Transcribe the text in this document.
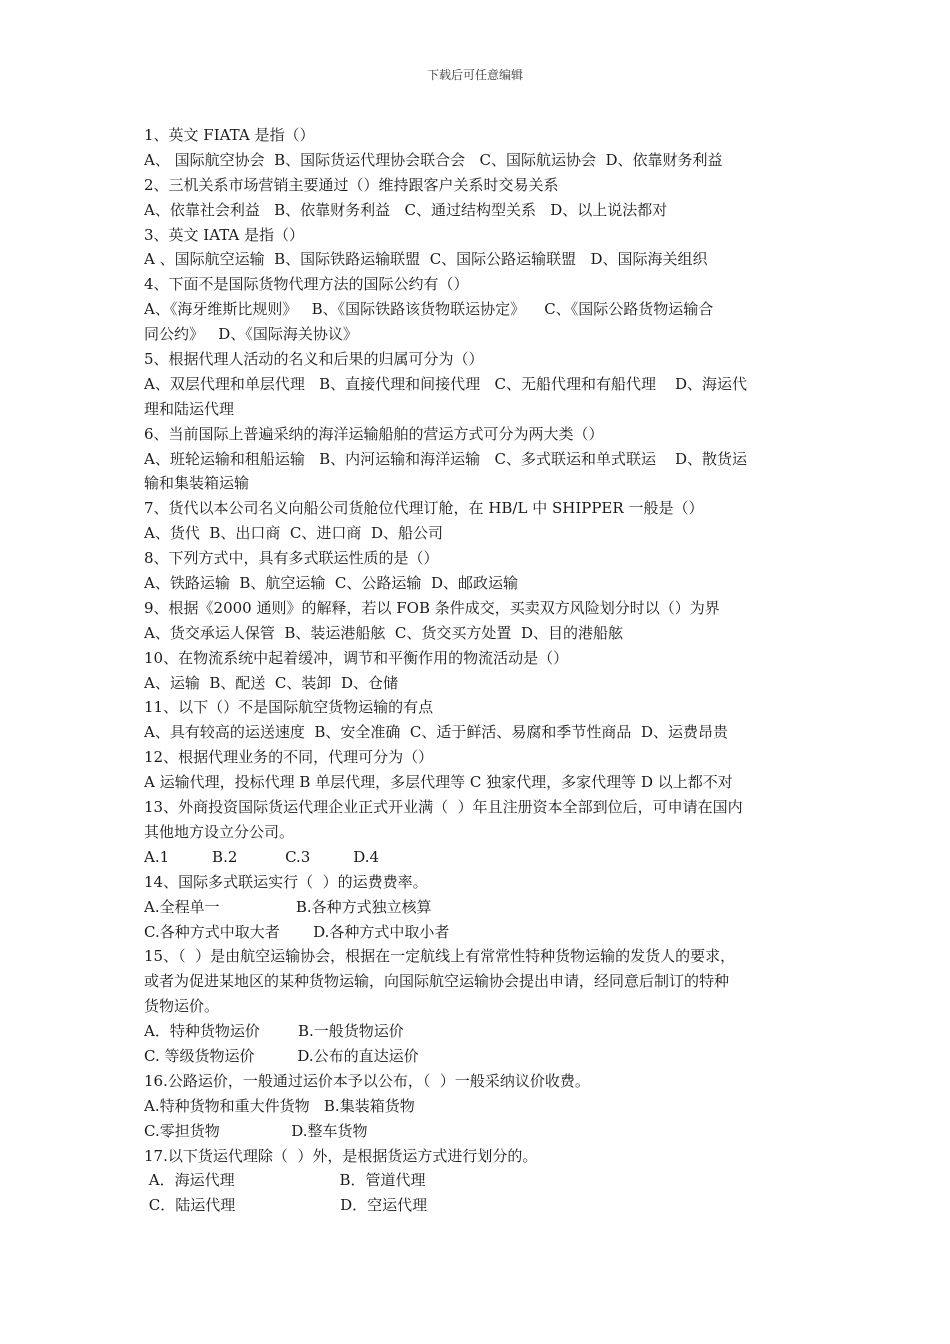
下载后可任意编辑
1、英文 FIATA 是指（）
A、 国际航空协会  B、国际货运代理协会联合会   C、国际航运协会  D、依靠财务利益
2、三机关系市场营销主要通过（）维持跟客户关系时交易关系
A、依靠社会利益   B、依靠财务利益   C、通过结构型关系   D、以上说法都对
3、英文 IATA 是指（）
A 、国际航空运输  B、国际铁路运输联盟  C、国际公路运输联盟   D、国际海关组织
4、下面不是国际货物代理方法的国际公约有（）
A、《海牙维斯比规则》   B、《国际铁路该货物联运协定》    C、《国际公路货物运输合
同公约》   D、《国际海关协议》
5、根据代理人活动的名义和后果的归属可分为（）
A、双层代理和单层代理   B、直接代理和间接代理   C、无船代理和有船代理    D、海运代
理和陆运代理
6、当前国际上普遍采纳的海洋运输船舶的营运方式可分为两大类（）
A、班轮运输和租船运输   B、内河运输和海洋运输   C、多式联运和单式联运    D、散货运
输和集装箱运输
7、货代以本公司名义向船公司货舱位代理订舱，在 HB/L 中 SHIPPER 一般是（）
A、货代  B、出口商  C、进口商  D、船公司
8、下列方式中，具有多式联运性质的是（）
A、铁路运输  B、航空运输  C、公路运输  D、邮政运输
9、根据《2000 通则》的解释，若以 FOB 条件成交，买卖双方风险划分时以（）为界
A、货交承运人保管  B、装运港船舷  C、货交买方处置  D、目的港船舷
10、在物流系统中起着缓冲，调节和平衡作用的物流活动是（）
A、运输  B、配送  C、装卸  D、仓储
11、以下（）不是国际航空货物运输的有点
A、具有较高的运送速度  B、安全准确  C、适于鲜活、易腐和季节性商品  D、运费昂贵
12、根据代理业务的不同，代理可分为（）
A 运输代理，投标代理 B 单层代理，多层代理等 C 独家代理，多家代理等 D 以上都不对
13、外商投资国际货运代理企业正式开业满（  ）年且注册资本全部到位后，可申请在国内
其他地方设立分公司。
A.1         B.2          C.3         D.4
14、国际多式联运实行（  ）的运费费率。
A.全程单一                B.各种方式独立核算
C.各种方式中取大者       D.各种方式中取小者
15、（  ）是由航空运输协会，根据在一定航线上有常常性特种货物运输的发货人的要求，
或者为促进某地区的某种货物运输，向国际航空运输协会提出申请，经同意后制订的特种
货物运价。
A．特种货物运价        B.一般货物运价
C. 等级货物运价         D.公布的直达运价
16.公路运价，一般通过运价本予以公布，（  ）一般采纳议价收费。
A.特种货物和重大件货物   B.集装箱货物
C.零担货物               D.整车货物
17.以下货运代理除（  ）外，是根据货运方式进行划分的。
A．海运代理                      B．管道代理
C．陆运代理                      D．空运代理
